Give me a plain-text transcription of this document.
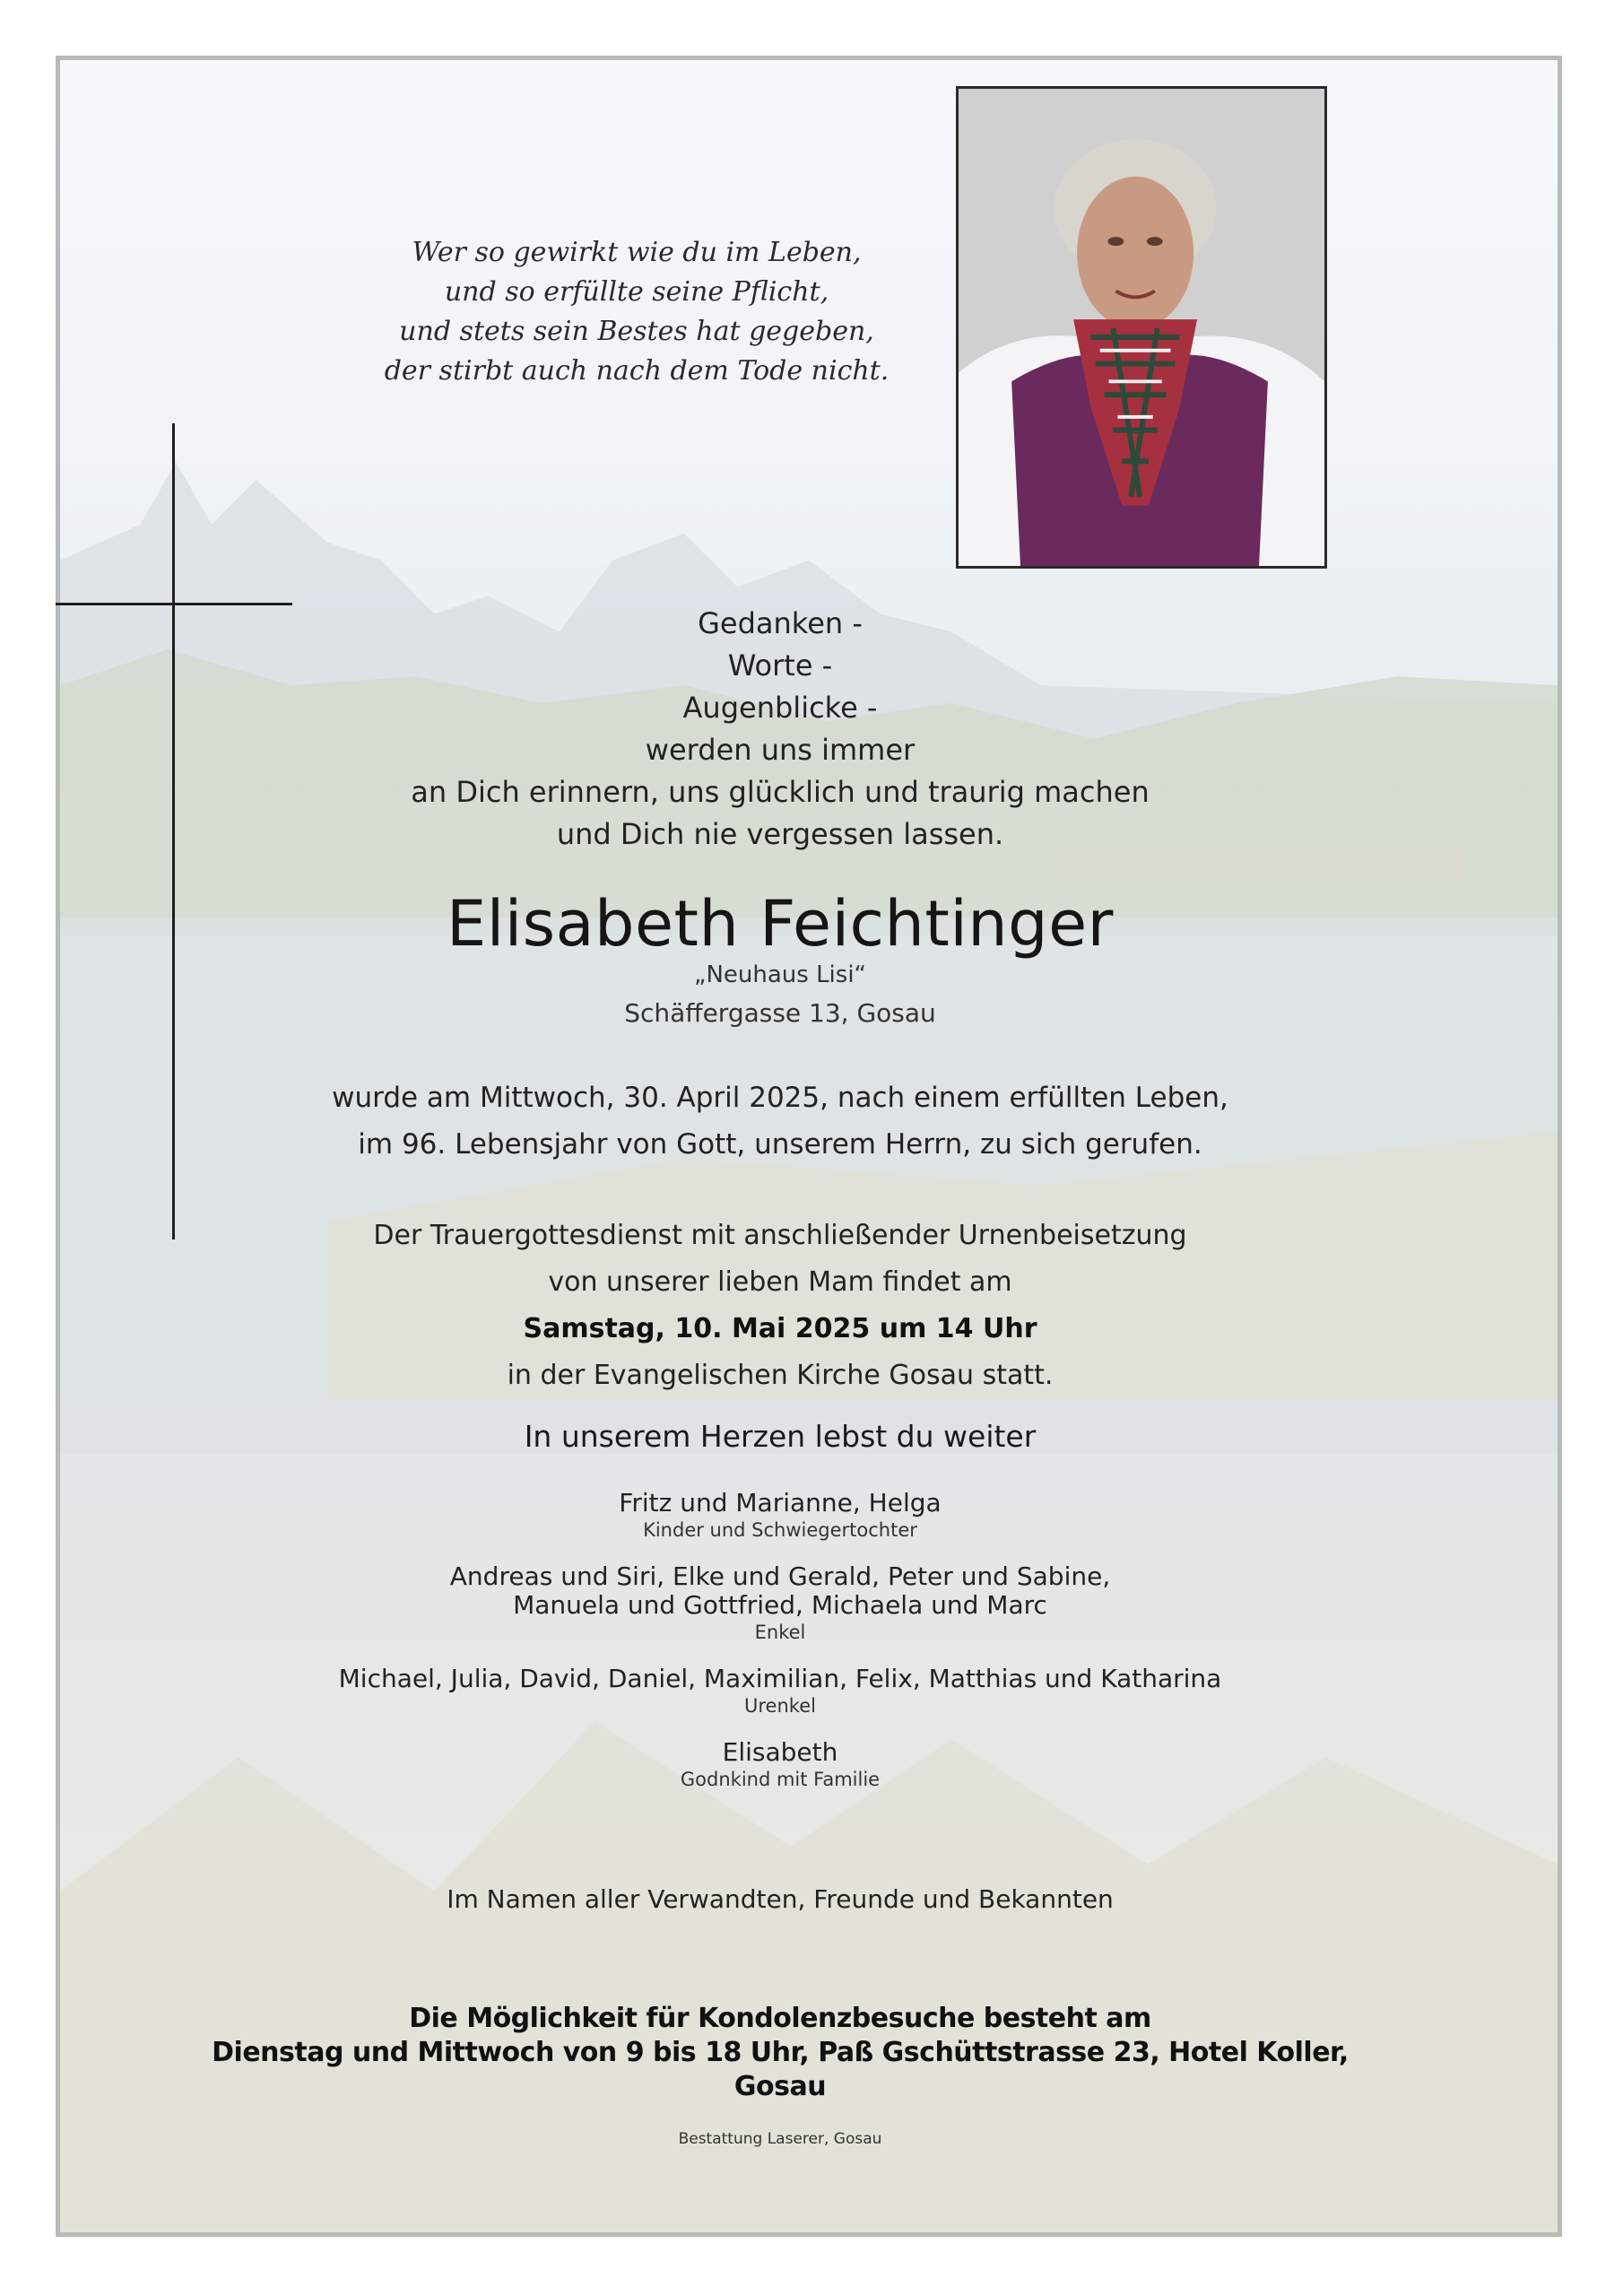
Wer so gewirkt wie du im Leben,
und so erfüllte seine Pflicht,
und stets sein Bestes hat gegeben,
der stirbt auch nach dem Tode nicht.
Gedanken -
Worte -
Augenblicke -
werden uns immer
an Dich erinnern, uns glücklich und traurig machen
und Dich nie vergessen lassen.
Elisabeth Feichtinger
„Neuhaus Lisi“
Schäffergasse 13, Gosau
wurde am Mittwoch, 30. April 2025, nach einem erfüllten Leben,
im 96. Lebensjahr von Gott, unserem Herrn, zu sich gerufen.
Der Trauergottesdienst mit anschließender Urnenbeisetzung
von unserer lieben Mam findet am
Samstag, 10. Mai 2025 um 14 Uhr
in der Evangelischen Kirche Gosau statt.
In unserem Herzen lebst du weiter
Fritz und Marianne, Helga
Kinder und Schwiegertochter
Andreas und Siri, Elke und Gerald, Peter und Sabine,
Manuela und Gottfried, Michaela und Marc
Enkel
Michael, Julia, David, Daniel, Maximilian, Felix, Matthias und Katharina
Urenkel
Elisabeth
Godnkind mit Familie
Im Namen aller Verwandten, Freunde und Bekannten
Die Möglichkeit für Kondolenzbesuche besteht am
Dienstag und Mittwoch von 9 bis 18 Uhr, Paß Gschüttstrasse 23, Hotel Koller, Gosau
Bestattung Laserer, Gosau
